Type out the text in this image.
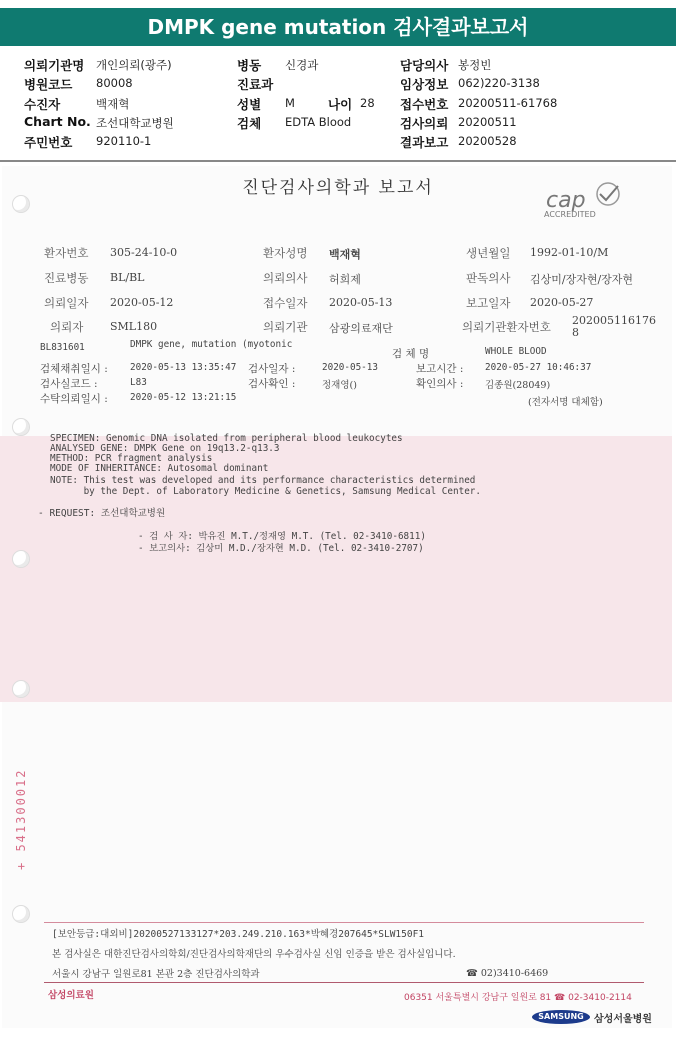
DMPK gene mutation 검사결과보고서
의뢰기관명 개인의뢰(광주)	병동 신경과	담당의사 봉정빈
병원코드 80008	진료과	임상정보 062)220-3138
수진자	백재혁	성별 M	나이 28 접수번호 20200511-61768
Chart No. 조선대학교병원	검체 EDTA Blood	검사의뢰 20200511
주민번호 920110-1	결과보고 20200528
진단검사의학과 보고서	cap
ACCREDITED
환자번호 305-24-10-0	환자성명 백재혁	생년월일 1992-01-10/M
진료병동 BL/BL	의뢰의사 허희제	판독의사 김상미/장자현/장자현
의뢰일자 2020-05-12	접수일자 2020-05-13	보고일자 2020-05-27
의뢰자 SML180	의뢰기관 삼광의료재단	의뢰기관환자번호 202005116176
8
BL831601	DMPK gene, mutation (myotonic
검 체 명	WHOLE BLOOD
검체채취일시 : 2020-05-13 13:35:47 검사일자 :	2020-05-13	보고시간 : 2020-05-27 10:46:37
검사실코드 :	L83	검사확인 :	정재영()	확인의사 : 김종원(28049)
수탁의뢰일시 : 2020-05-12 13:21:15	(전자서명 대체함)
SPECIMEN: Genomic DNA isolated from peripheral blood leukocytes
ANALYSED GENE: DMPK Gene on 19q13.2-q13.3
METHOD: PCR fragment analysis
MODE OF INHERITANCE: Autosomal dominant
NOTE: This test was developed and its performance characteristics determined
by the Dept. of Laboratory Medicine & Genetics, Samsung Medical Center.
- REQUEST: 조선대학교병원
- 검 사 자: 박유진 M.T./정재영 M.T. (Tel. 02-3410-6811)
- 보고의사: 김상미 M.D./장자현 M.D. (Tel. 02-3410-2707)
+ 541300012
[보안등급:대외비]20200527133127*203.249.210.163*박혜경207645*SLW150F1
본 검사실은 대한진단검사의학회/진단검사의학재단의 우수검사실 신임 인증을 받은 검사실입니다.
서울시 강남구 일원로81 본관 2층 진단검사의학과	☎ 02)3410-6469
삼성의료원	06351 서울특별시 강남구 일원로 81 ☎ 02-3410-2114
SAMSUNG	삼성서울병원
